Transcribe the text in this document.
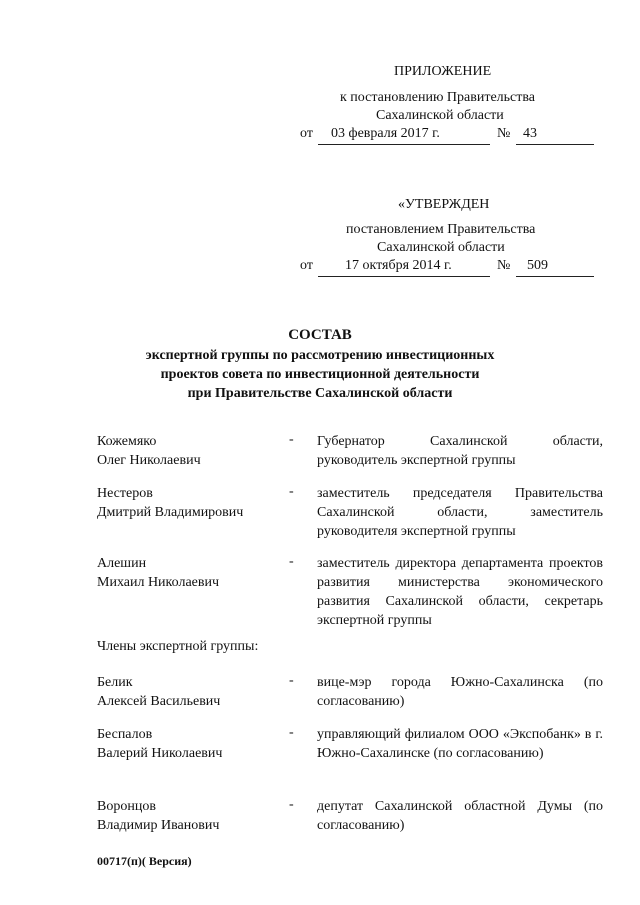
ПРИЛОЖЕНИЕ
к постановлению Правительства
Сахалинской области
от 03 февраля 2017 г.	№ 43
«УТВЕРЖДЕН
постановлением Правительства
Сахалинской области
от 17 октября 2014 г.	№ 509
СОСТАВ
экспертной группы по рассмотрению инвестиционных
проектов совета по инвестиционной деятельности
при Правительстве Сахалинской области
Кожемяко
Олег Николаевич
- Губернатор Сахалинской области, руководитель экспертной группы
Нестеров
Дмитрий Владимирович
- заместитель председателя Правительства Сахалинской области, заместитель руководителя экспертной группы
Алешин
Михаил Николаевич
- заместитель директора департамента проектов развития министерства экономического развития Сахалинской области, секретарь экспертной группы
Члены экспертной группы:
Белик
Алексей Васильевич
- вице-мэр города Южно-Сахалинска (по согласованию)
Беспалов
Валерий Николаевич
- управляющий филиалом ООО «Экспобанк» в г. Южно-Сахалинске (по согласованию)
Воронцов
Владимир Иванович
- депутат Сахалинской областной Думы (по согласованию)
00717(п)( Версия)
